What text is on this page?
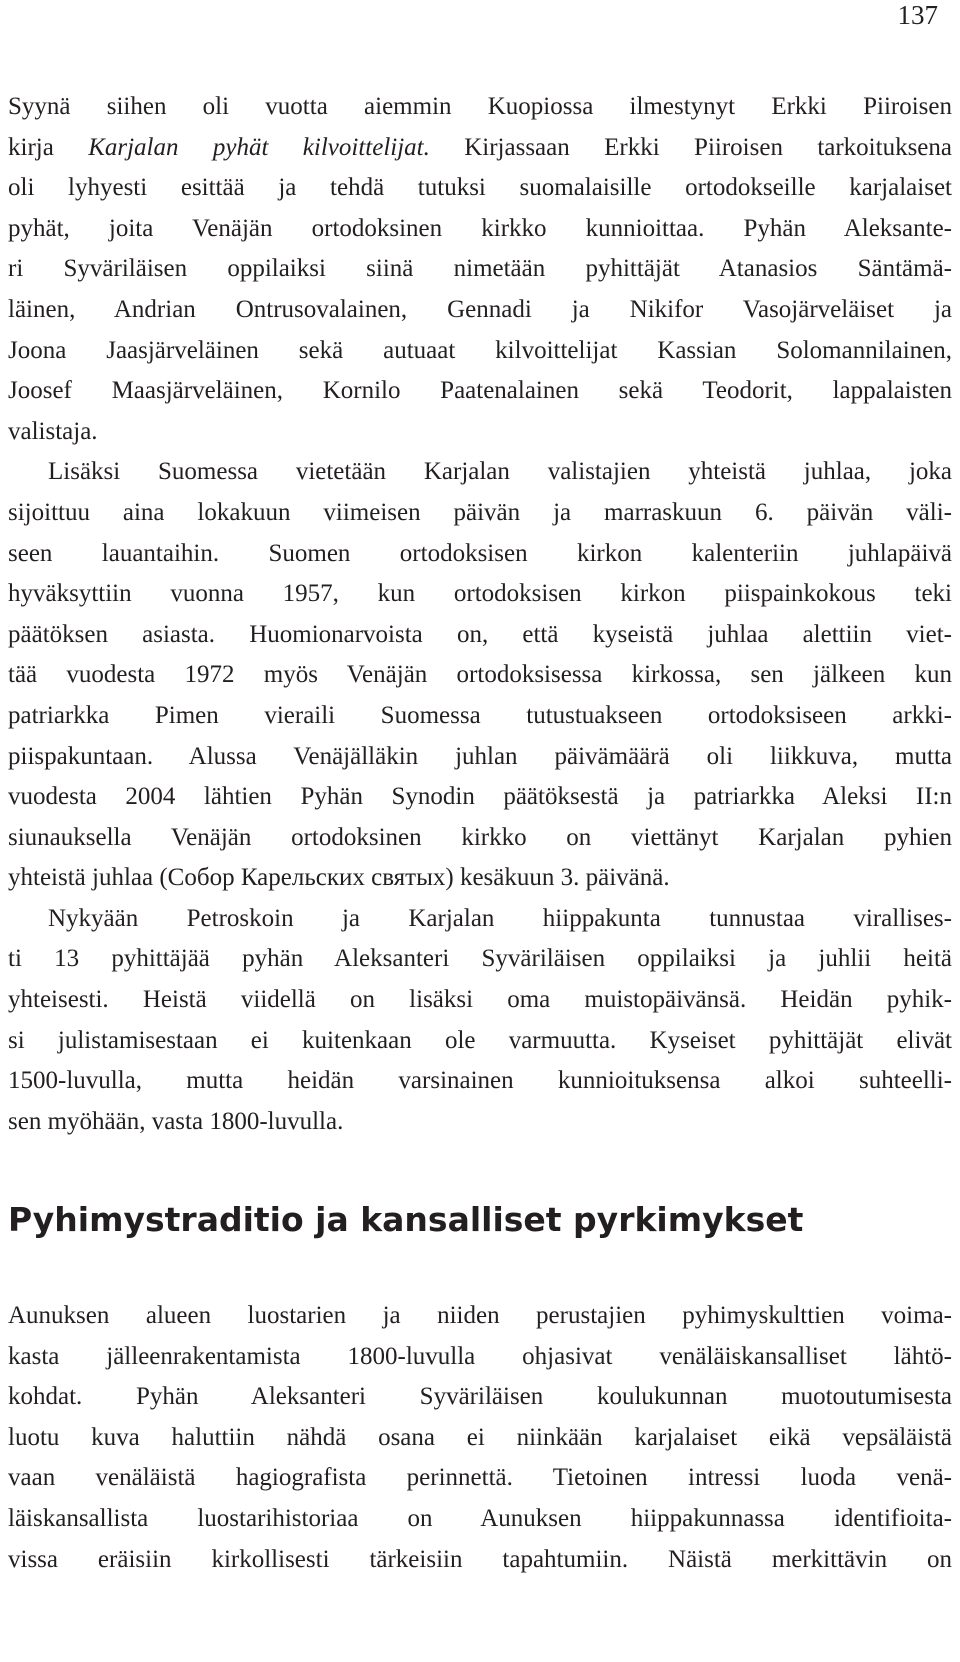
137
Syynä siihen oli vuotta aiemmin Kuopiossa ilmestynyt Erkki Piiroisen
kirja Karjalan pyhät kilvoittelijat. Kirjassaan Erkki Piiroisen tarkoituksena
oli lyhyesti esittää ja tehdä tutuksi suomalaisille ortodokseille karjalaiset
pyhät, joita Venäjän ortodoksinen kirkko kunnioittaa. Pyhän Aleksante-
ri Syväriläisen oppilaiksi siinä nimetään pyhittäjät Atanasios Säntämä-
läinen, Andrian Ontrusovalainen, Gennadi ja Nikifor Vasojärveläiset ja
Joona Jaasjärveläinen sekä autuaat kilvoittelijat Kassian Solomannilainen,
Joosef Maasjärveläinen, Kornilo Paatenalainen sekä Teodorit, lappalaisten
valistaja.
Lisäksi Suomessa vietetään Karjalan valistajien yhteistä juhlaa, joka
sijoittuu aina lokakuun viimeisen päivän ja marraskuun 6. päivän väli-
seen lauantaihin. Suomen ortodoksisen kirkon kalenteriin juhlapäivä
hyväksyttiin vuonna 1957, kun ortodoksisen kirkon piispainkokous teki
päätöksen asiasta. Huomionarvoista on, että kyseistä juhlaa alettiin viet-
tää vuodesta 1972 myös Venäjän ortodoksisessa kirkossa, sen jälkeen kun
patriarkka Pimen vieraili Suomessa tutustuakseen ortodoksiseen arkki-
piispakuntaan. Alussa Venäjälläkin juhlan päivämäärä oli liikkuva, mutta
vuodesta 2004 lähtien Pyhän Synodin päätöksestä ja patriarkka Aleksi II:n
siunauksella Venäjän ortodoksinen kirkko on viettänyt Karjalan pyhien
yhteistä juhlaa (Собор Карельских святых) kesäkuun 3. päivänä.
Nykyään Petroskoin ja Karjalan hiippakunta tunnustaa virallises-
ti 13 pyhittäjää pyhän Aleksanteri Syväriläisen oppilaiksi ja juhlii heitä
yhteisesti. Heistä viidellä on lisäksi oma muistopäivänsä. Heidän pyhik-
si julistamisestaan ei kuitenkaan ole varmuutta. Kyseiset pyhittäjät elivät
1500-luvulla, mutta heidän varsinainen kunnioituksensa alkoi suhteelli-
sen myöhään, vasta 1800-luvulla.
Pyhimystraditio ja kansalliset pyrkimykset
Aunuksen alueen luostarien ja niiden perustajien pyhimyskulttien voima-
kasta jälleenrakentamista 1800-luvulla ohjasivat venäläiskansalliset lähtö-
kohdat. Pyhän Aleksanteri Syväriläisen koulukunnan muotoutumisesta
luotu kuva haluttiin nähdä osana ei niinkään karjalaiset eikä vepsäläistä
vaan venäläistä hagiografista perinnettä. Tietoinen intressi luoda venä-
läiskansallista luostarihistoriaa on Aunuksen hiippakunnassa identifioita-
vissa eräisiin kirkollisesti tärkeisiin tapahtumiin. Näistä merkittävin on
